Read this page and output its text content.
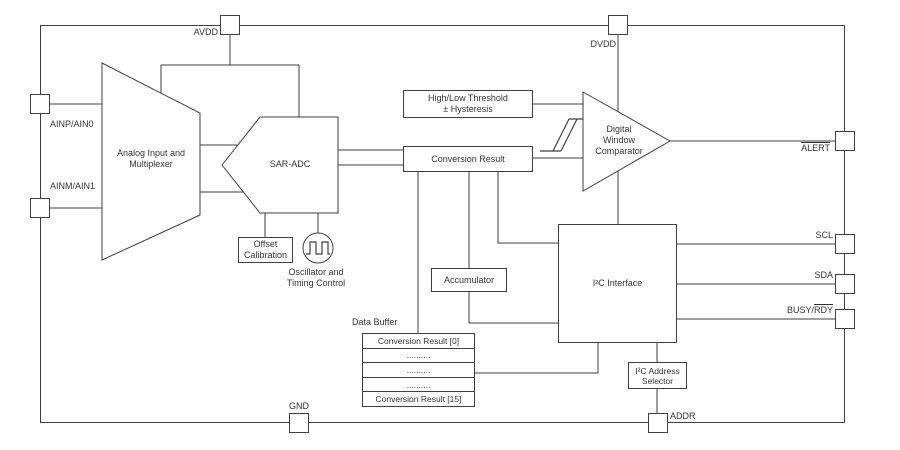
AVDD
DVDD
AINP/AIN0
AINM/AIN1
ALERT
SCL
SDA
BUSY/$\overline{RDY}$
GND
ADDR
High/Low Threshold
± Hysteresis
Conversion Result
Offset
Calibration
Accumulator	I²C Interface
I²C Address
Selector
Data Buffer
Conversion Result [0]
..........
..........
..........
Conversion Result [15]
Analog Input and
Multiplexer	SAR-ADC
Digital
Window
Comparator
Oscillator and
Timing Control
